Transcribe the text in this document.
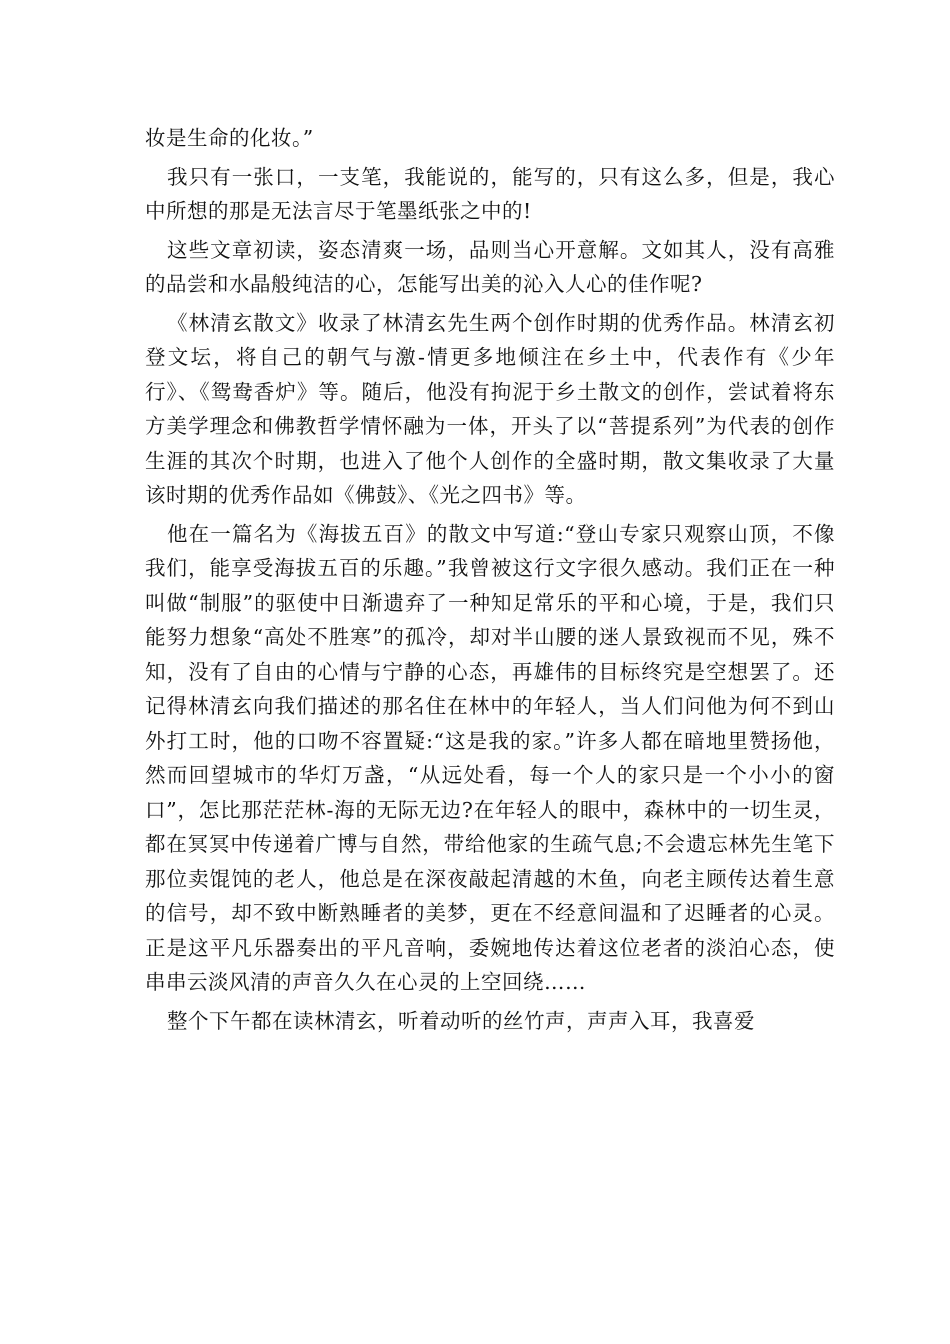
妆是生命的化妆。”

我只有一张口，一支笔，我能说的，能写的，只有这么多，但是，我心中所想的那是无法言尽于笔墨纸张之中的!

这些文章初读，姿态清爽一场，品则当心开意解。文如其人，没有高雅的品尝和水晶般纯洁的心，怎能写出美的沁入人心的佳作呢?

《林清玄散文》收录了林清玄先生两个创作时期的优秀作品。林清玄初登文坛，将自己的朝气与激-情更多地倾注在乡土中，代表作有《少年行》、《鸳鸯香炉》等。随后，他没有拘泥于乡土散文的创作，尝试着将东方美学理念和佛教哲学情怀融为一体，开头了以“菩提系列”为代表的创作生涯的其次个时期，也进入了他个人创作的全盛时期，散文集收录了大量该时期的优秀作品如《佛鼓》、《光之四书》等。

他在一篇名为《海拔五百》的散文中写道:“登山专家只观察山顶，不像我们，能享受海拔五百的乐趣。”我曾被这行文字很久感动。我们正在一种叫做“制服”的驱使中日渐遗弃了一种知足常乐的平和心境，于是，我们只能努力想象“高处不胜寒”的孤冷，却对半山腰的迷人景致视而不见，殊不知，没有了自由的心情与宁静的心态，再雄伟的目标终究是空想罢了。还记得林清玄向我们描述的那名住在林中的年轻人，当人们问他为何不到山外打工时，他的口吻不容置疑:“这是我的家。”许多人都在暗地里赞扬他，然而回望城市的华灯万盏，“从远处看，每一个人的家只是一个小小的窗口”，怎比那茫茫林-海的无际无边?在年轻人的眼中，森林中的一切生灵，都在冥冥中传递着广博与自然，带给他家的生疏气息;不会遗忘林先生笔下那位卖馄饨的老人，他总是在深夜敲起清越的木鱼，向老主顾传达着生意的信号，却不致中断熟睡者的美梦，更在不经意间温和了迟睡者的心灵。正是这平凡乐器奏出的平凡音响，委婉地传达着这位老者的淡泊心态，使串串云淡风清的声音久久在心灵的上空回绕……

整个下午都在读林清玄，听着动听的丝竹声，声声入耳，我喜爱
